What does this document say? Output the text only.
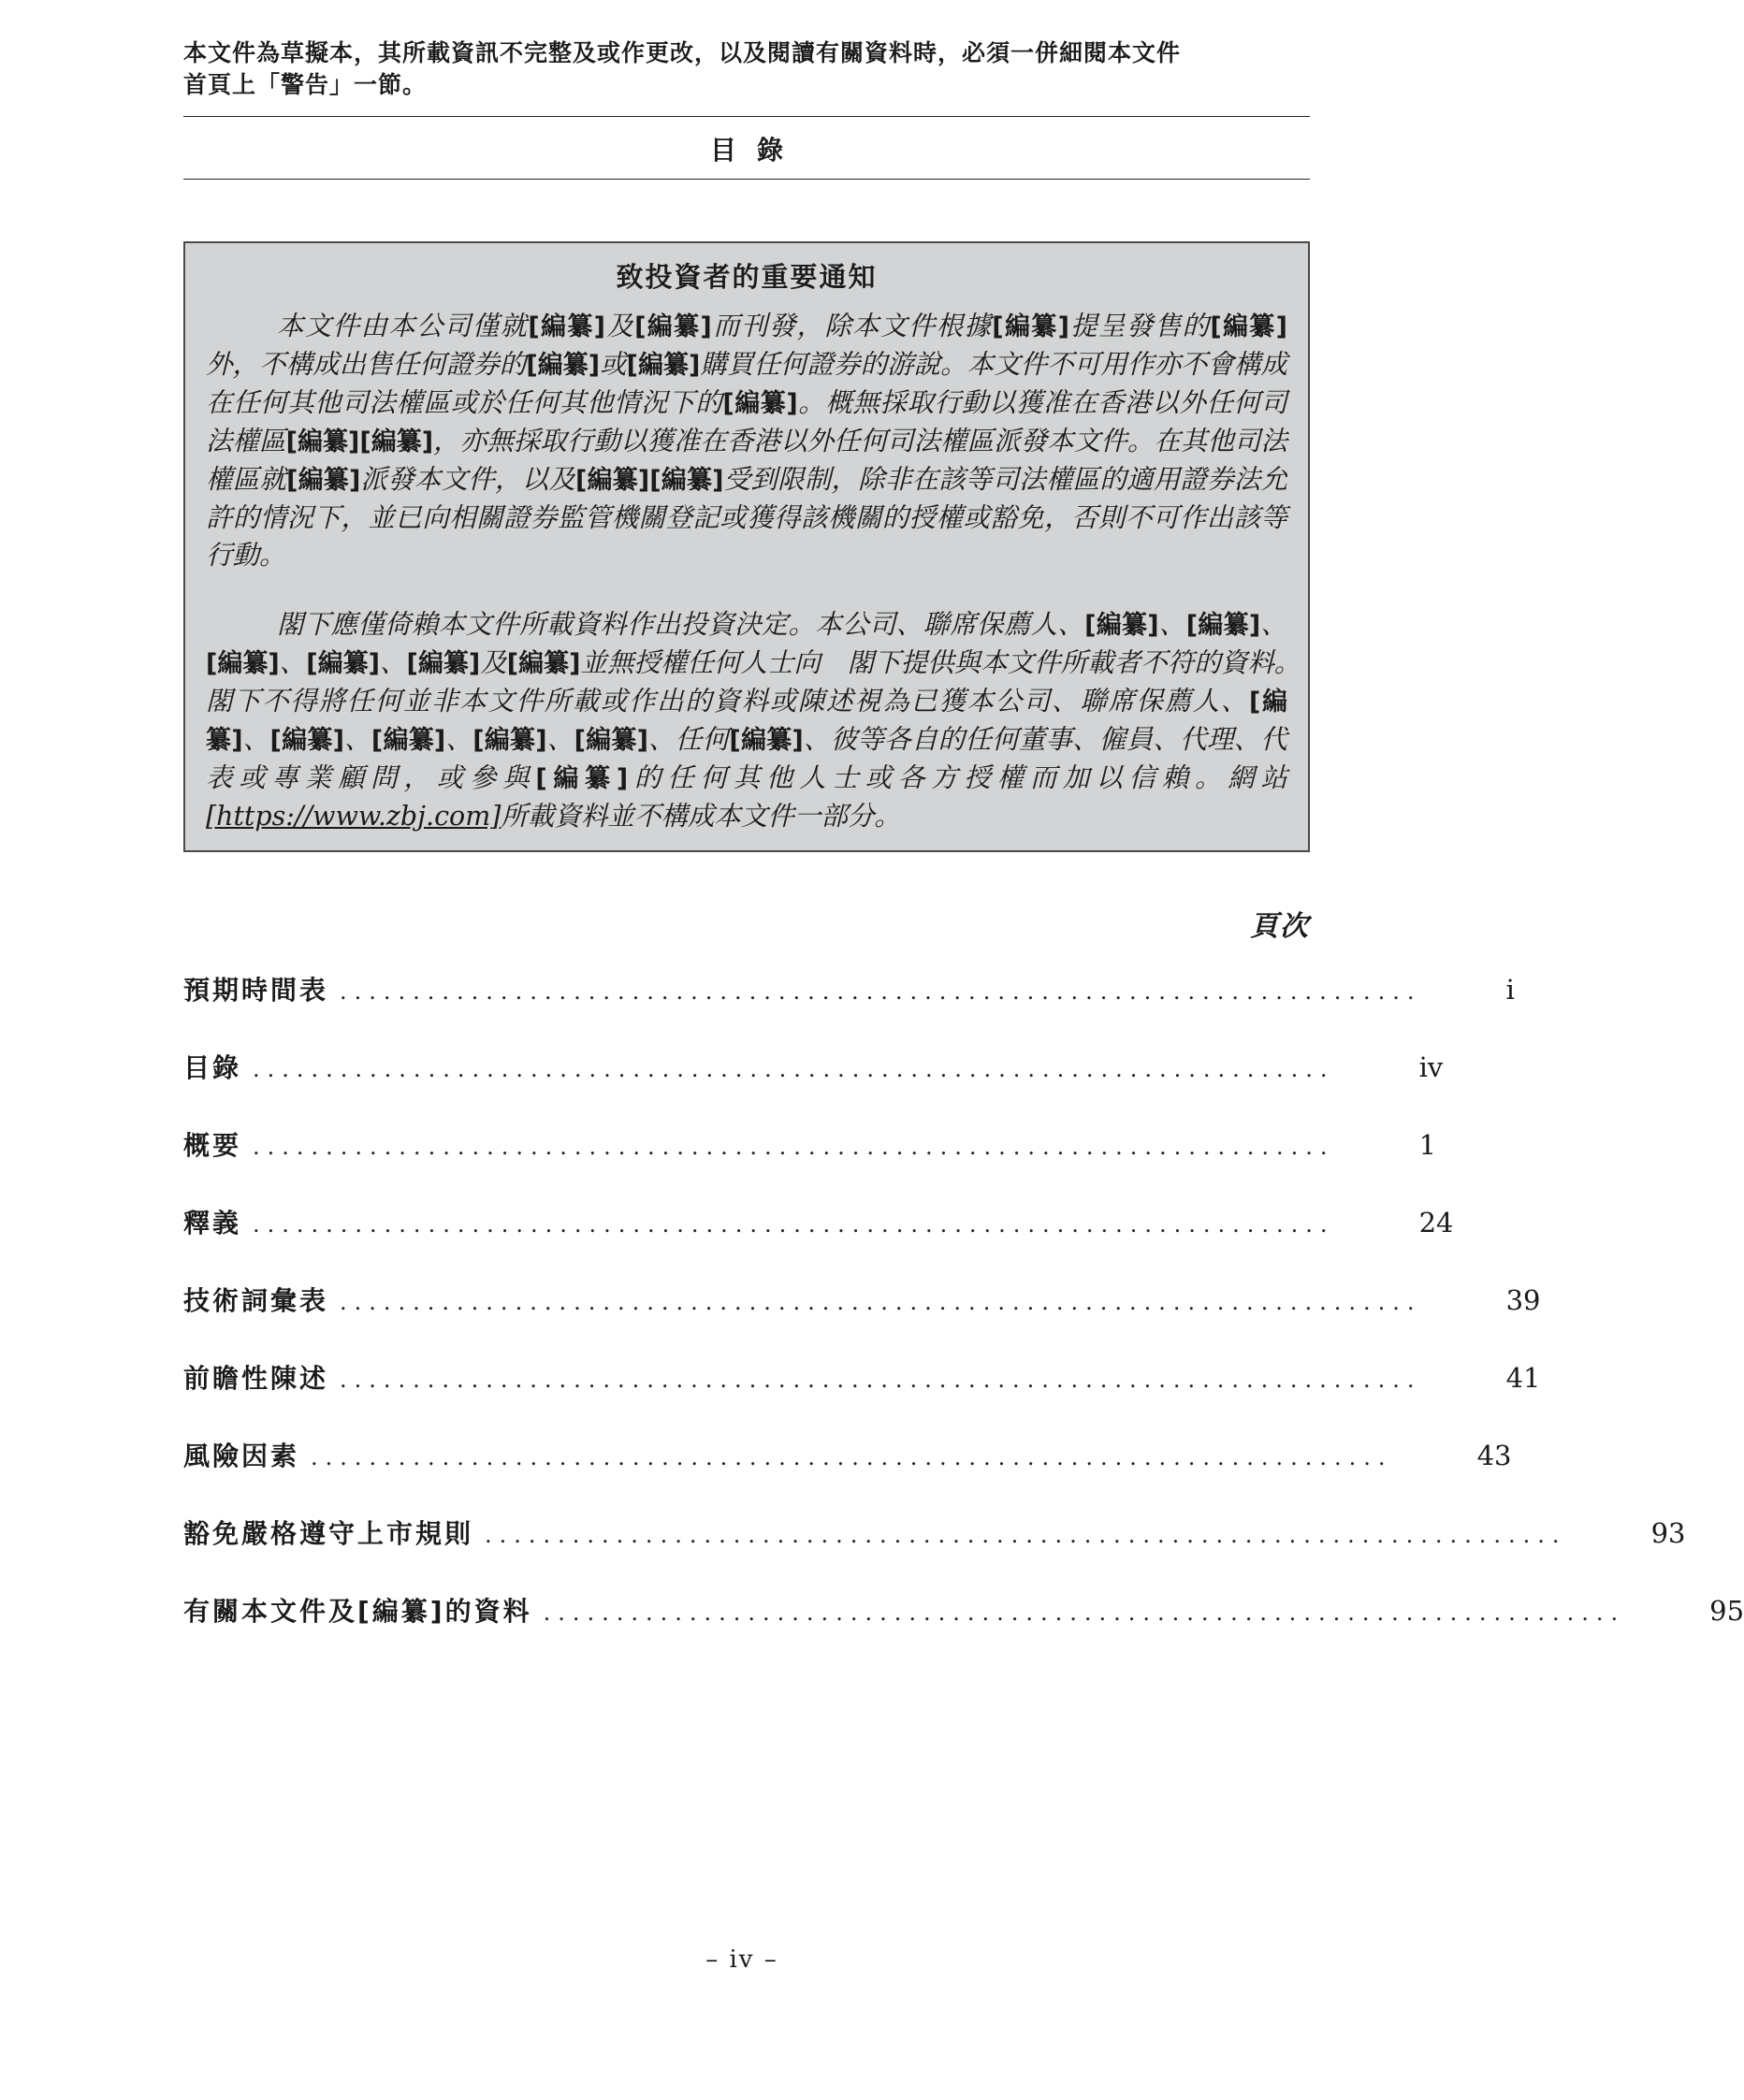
本文件為草擬本，其所載資訊不完整及或作更改，以及閱讀有關資料時，必須一併細閱本文件
首頁上「警告」一節。
目錄
致投資者的重要通知

本文件由本公司僅就[編纂]及[編纂]而刊發，除本文件根據[編纂]提呈發售的[編纂]外，不構成出售任何證券的[編纂]或[編纂]購買任何證券的游說。本文件不可用作亦不會構成在任何其他司法權區或於任何其他情況下的[編纂]。概無採取行動以獲准在香港以外任何司法權區[編纂][編纂]，亦無採取行動以獲准在香港以外任何司法權區派發本文件。在其他司法權區就[編纂]派發本文件，以及[編纂][編纂]受到限制，除非在該等司法權區的適用證券法允許的情況下，並已向相關證券監管機關登記或獲得該機關的授權或豁免，否則不可作出該等行動。

閣下應僅倚賴本文件所載資料作出投資決定。本公司、聯席保薦人、[編纂]、[編纂]、[編纂]、[編纂]、[編纂]及[編纂]並無授權任何人士向　閣下提供與本文件所載者不符的資料。　閣下不得將任何並非本文件所載或作出的資料或陳述視為已獲本公司、聯席保薦人、[編纂]、[編纂]、[編纂]、[編纂]、[編纂]、任何[編纂]、彼等各自的任何董事、僱員、代理、代表或專業顧問，或參與[編纂]的任何其他人士或各方授權而加以信賴。網站[https://www.zbj.com]所載資料並不構成本文件一部分。

頁次
預期時間表 ..........................................................................	i
目錄 ..........................................................................	iv
概要 ..........................................................................	1
釋義 ..........................................................................	24
技術詞彙表 ..........................................................................	39
前瞻性陳述 ..........................................................................	41
風險因素 ..........................................................................	43
豁免嚴格遵守上市規則 ..........................................................................	93
有關本文件及[編纂]的資料 ..........................................................................	95
– iv –
